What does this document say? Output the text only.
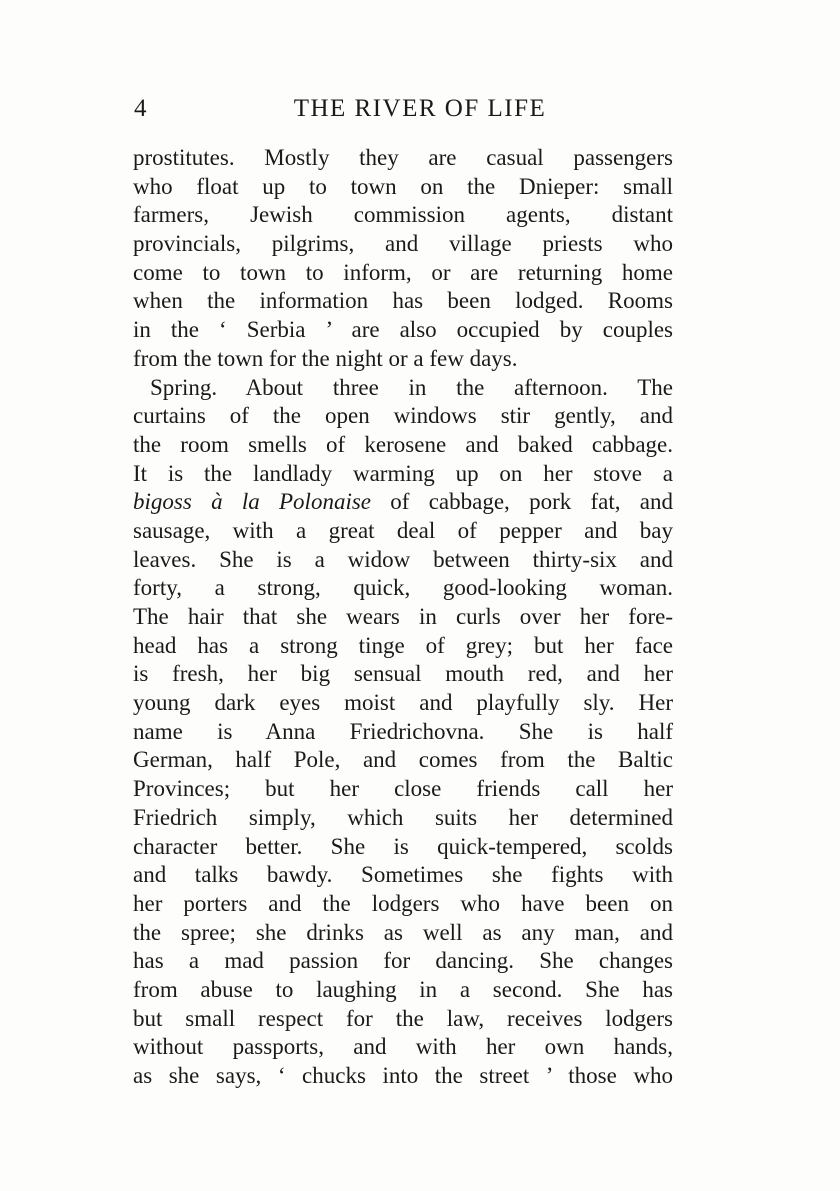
4	THE RIVER OF LIFE
prostitutes. Mostly they are casual passengers
who float up to town on the Dnieper: small
farmers, Jewish commission agents, distant
provincials, pilgrims, and village priests who
come to town to inform, or are returning home
when the information has been lodged. Rooms
in the ‘ Serbia ’ are also occupied by couples
from the town for the night or a few days.
Spring. About three in the afternoon. The
curtains of the open windows stir gently, and
the room smells of kerosene and baked cabbage.
It is the landlady warming up on her stove a
bigoss à la Polonaise of cabbage, pork fat, and
sausage, with a great deal of pepper and bay
leaves. She is a widow between thirty-six and
forty, a strong, quick, good-looking woman.
The hair that she wears in curls over her fore-
head has a strong tinge of grey; but her face
is fresh, her big sensual mouth red, and her
young dark eyes moist and playfully sly. Her
name is Anna Friedrichovna. She is half
German, half Pole, and comes from the Baltic
Provinces; but her close friends call her
Friedrich simply, which suits her determined
character better. She is quick-tempered, scolds
and talks bawdy. Sometimes she fights with
her porters and the lodgers who have been on
the spree; she drinks as well as any man, and
has a mad passion for dancing. She changes
from abuse to laughing in a second. She has
but small respect for the law, receives lodgers
without passports, and with her own hands,
as she says, ‘ chucks into the street ’ those who
